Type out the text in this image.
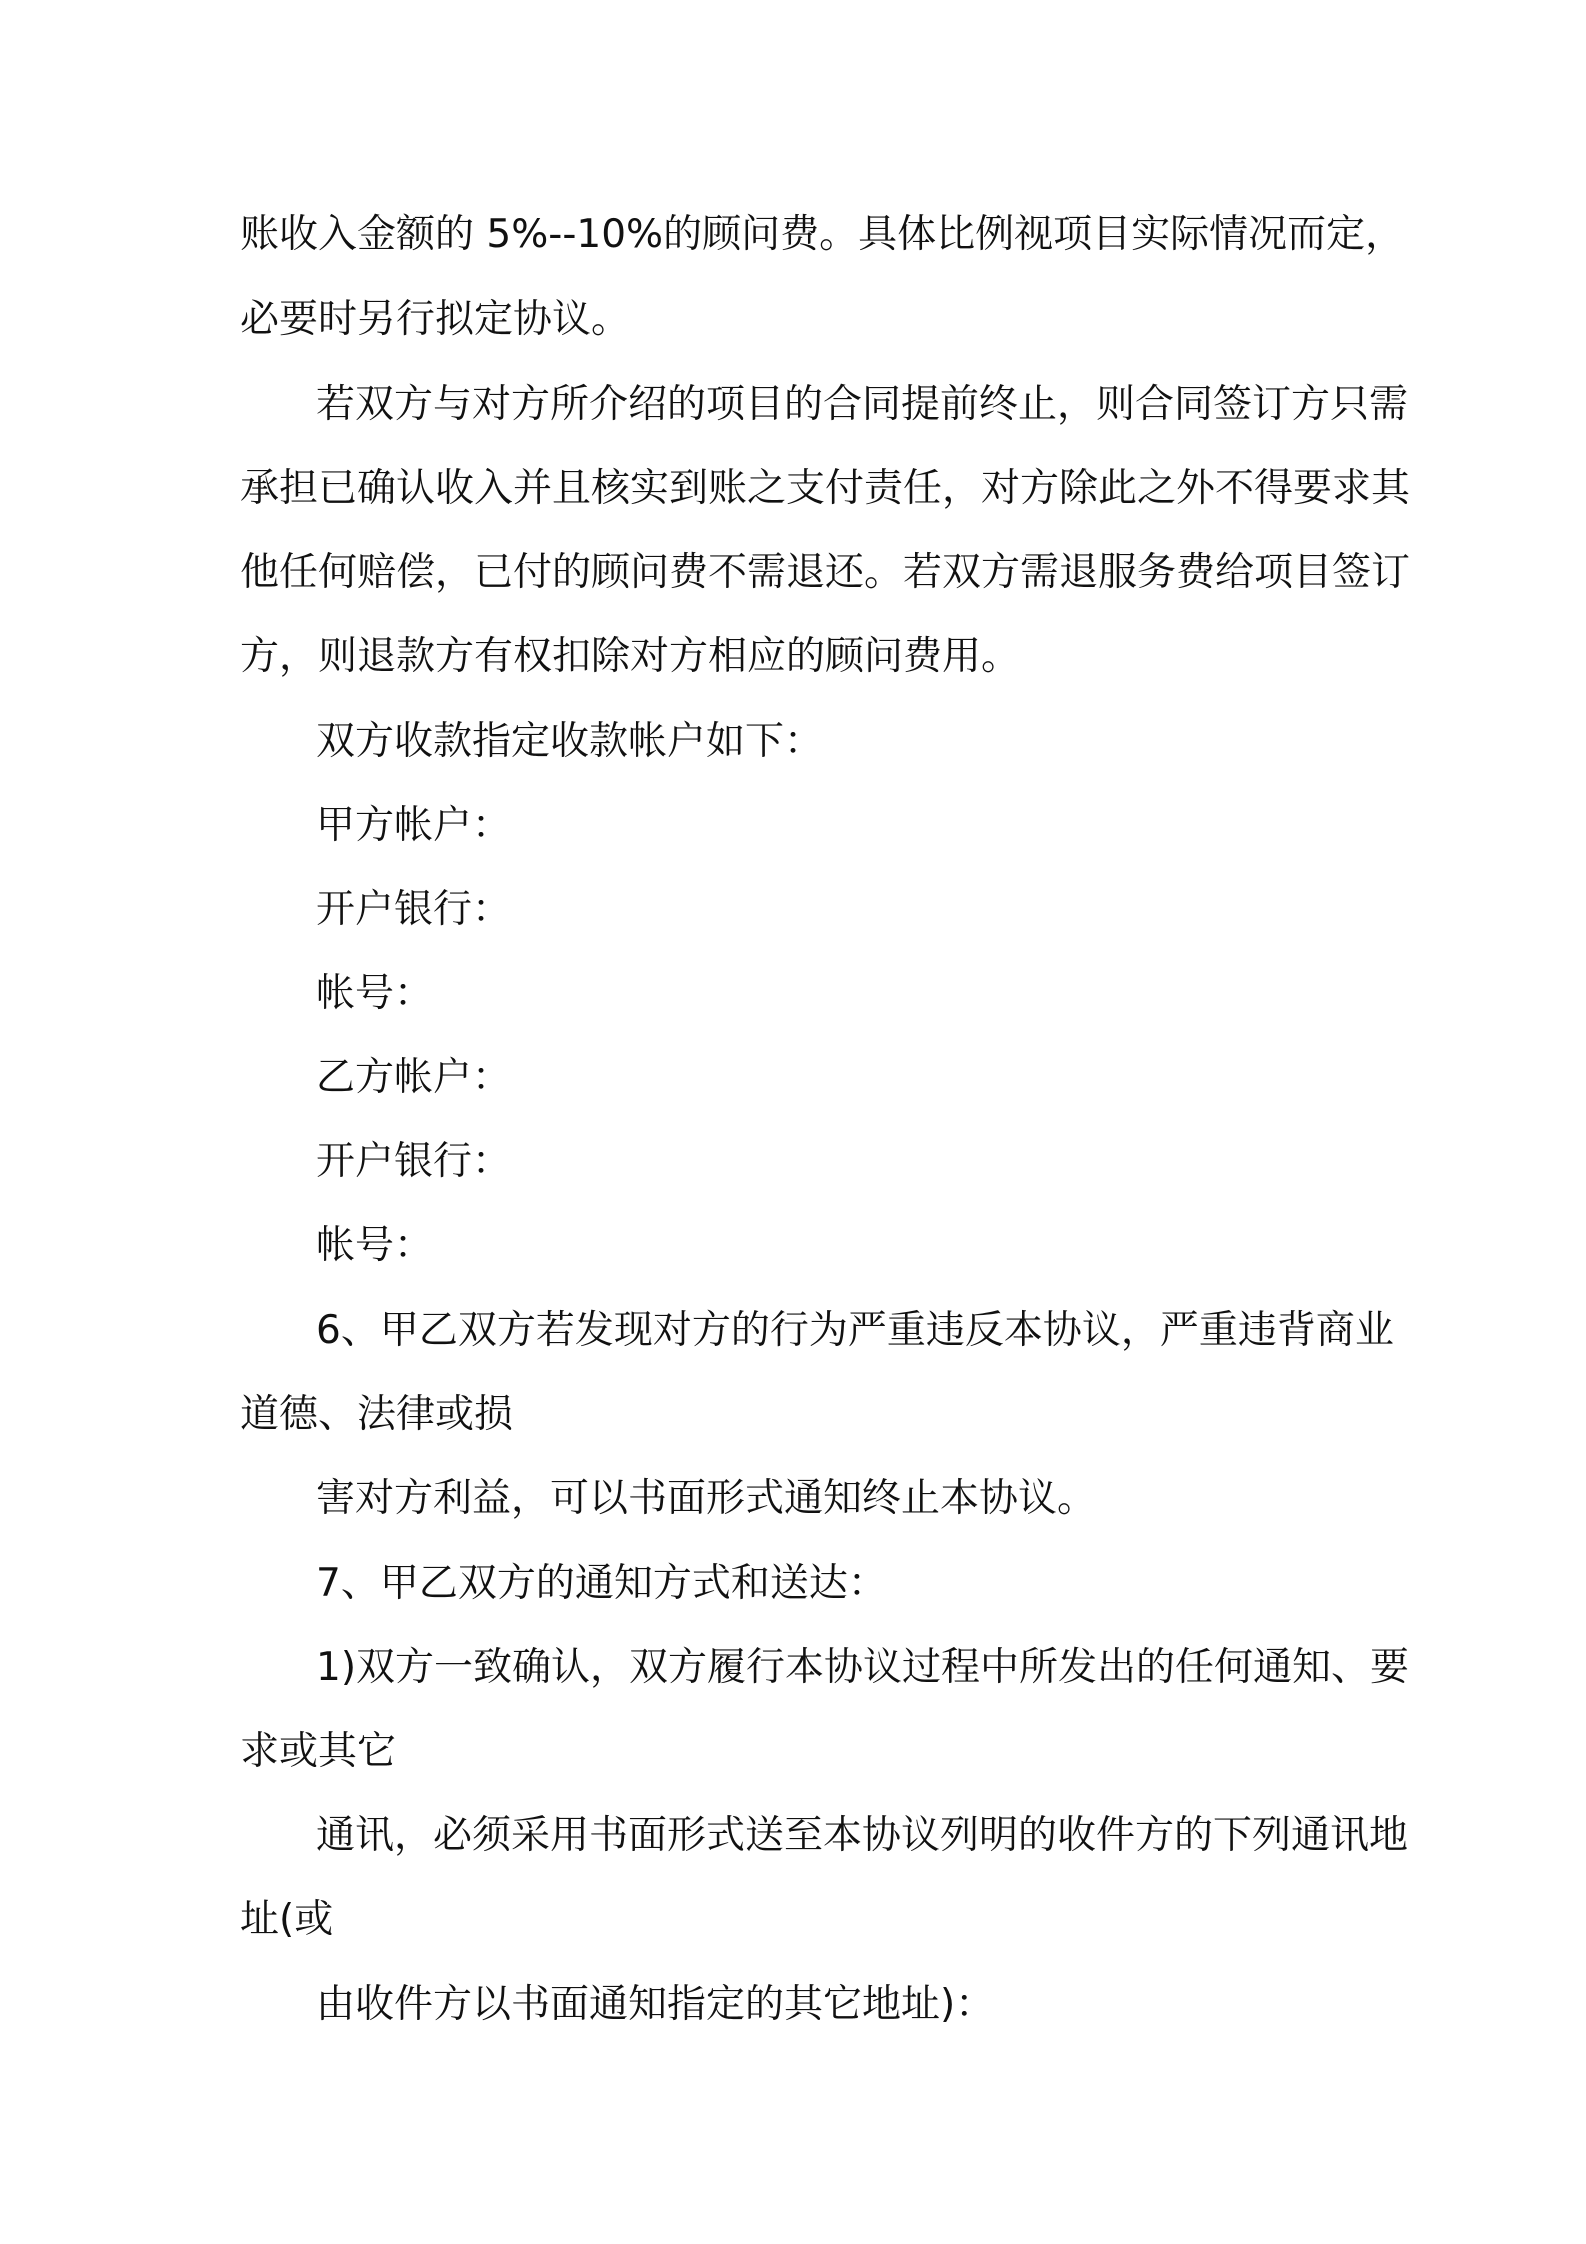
账收入金额的 5%--10%的顾问费。具体比例视项目实际情况而定，
必要时另行拟定协议。
若双方与对方所介绍的项目的合同提前终止，则合同签订方只需
承担已确认收入并且核实到账之支付责任，对方除此之外不得要求其
他任何赔偿，已付的顾问费不需退还。若双方需退服务费给项目签订
方，则退款方有权扣除对方相应的顾问费用。
双方收款指定收款帐户如下：
甲方帐户：
开户银行：
帐号：
乙方帐户：
开户银行：
帐号：
6、甲乙双方若发现对方的行为严重违反本协议，严重违背商业
道德、法律或损
害对方利益，可以书面形式通知终止本协议。
7、甲乙双方的通知方式和送达：
1)双方一致确认，双方履行本协议过程中所发出的任何通知、要
求或其它
通讯，必须采用书面形式送至本协议列明的收件方的下列通讯地
址(或
由收件方以书面通知指定的其它地址)：
